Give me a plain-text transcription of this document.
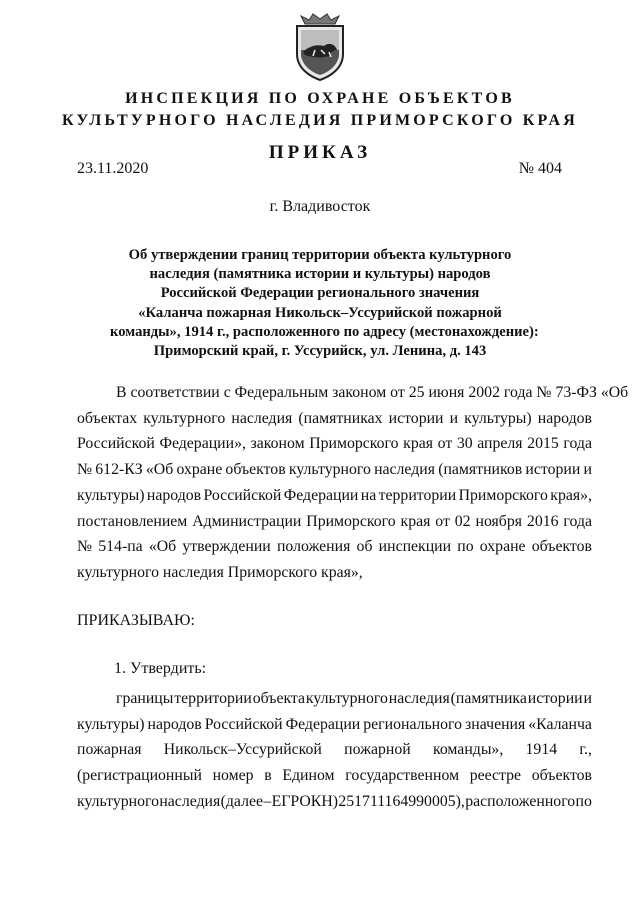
ИНСПЕКЦИЯ ПО ОХРАНЕ ОБЪЕКТОВ
КУЛЬТУРНОГО НАСЛЕДИЯ ПРИМОРСКОГО КРАЯ
ПРИКАЗ
23.11.2020	№ 404
г. Владивосток
Об утверждении границ территории объекта культурного
наследия (памятника истории и культуры) народов
Российской Федерации регионального значения
«Каланча пожарная Никольск–Уссурийской пожарной
команды», 1914 г., расположенного по адресу (местонахождение):
Приморский край, г. Уссурийск, ул. Ленина, д. 143
В соответствии с Федеральным законом от 25 июня 2002 года № 73-ФЗ «Об
объектах культурного наследия (памятниках истории и культуры) народов
Российской Федерации», законом Приморского края от 30 апреля 2015 года
№ 612-КЗ «Об охране объектов культурного наследия (памятников истории и
культуры) народов Российской Федерации на территории Приморского края»,
постановлением Администрации Приморского края от 02 ноября 2016 года
№ 514-па «Об утверждении положения об инспекции по охране объектов
культурного наследия Приморского края»,
ПРИКАЗЫВАЮ:
1. Утвердить:
границы территории объекта культурного наследия (памятника истории и
культуры) народов Российской Федерации регионального значения «Каланча
пожарная Никольск–Уссурийской пожарной команды», 1914 г.,
(регистрационный номер в Едином государственном реестре объектов
культурного наследия (далее – ЕГРОКН) 251711164990005), расположенного по
